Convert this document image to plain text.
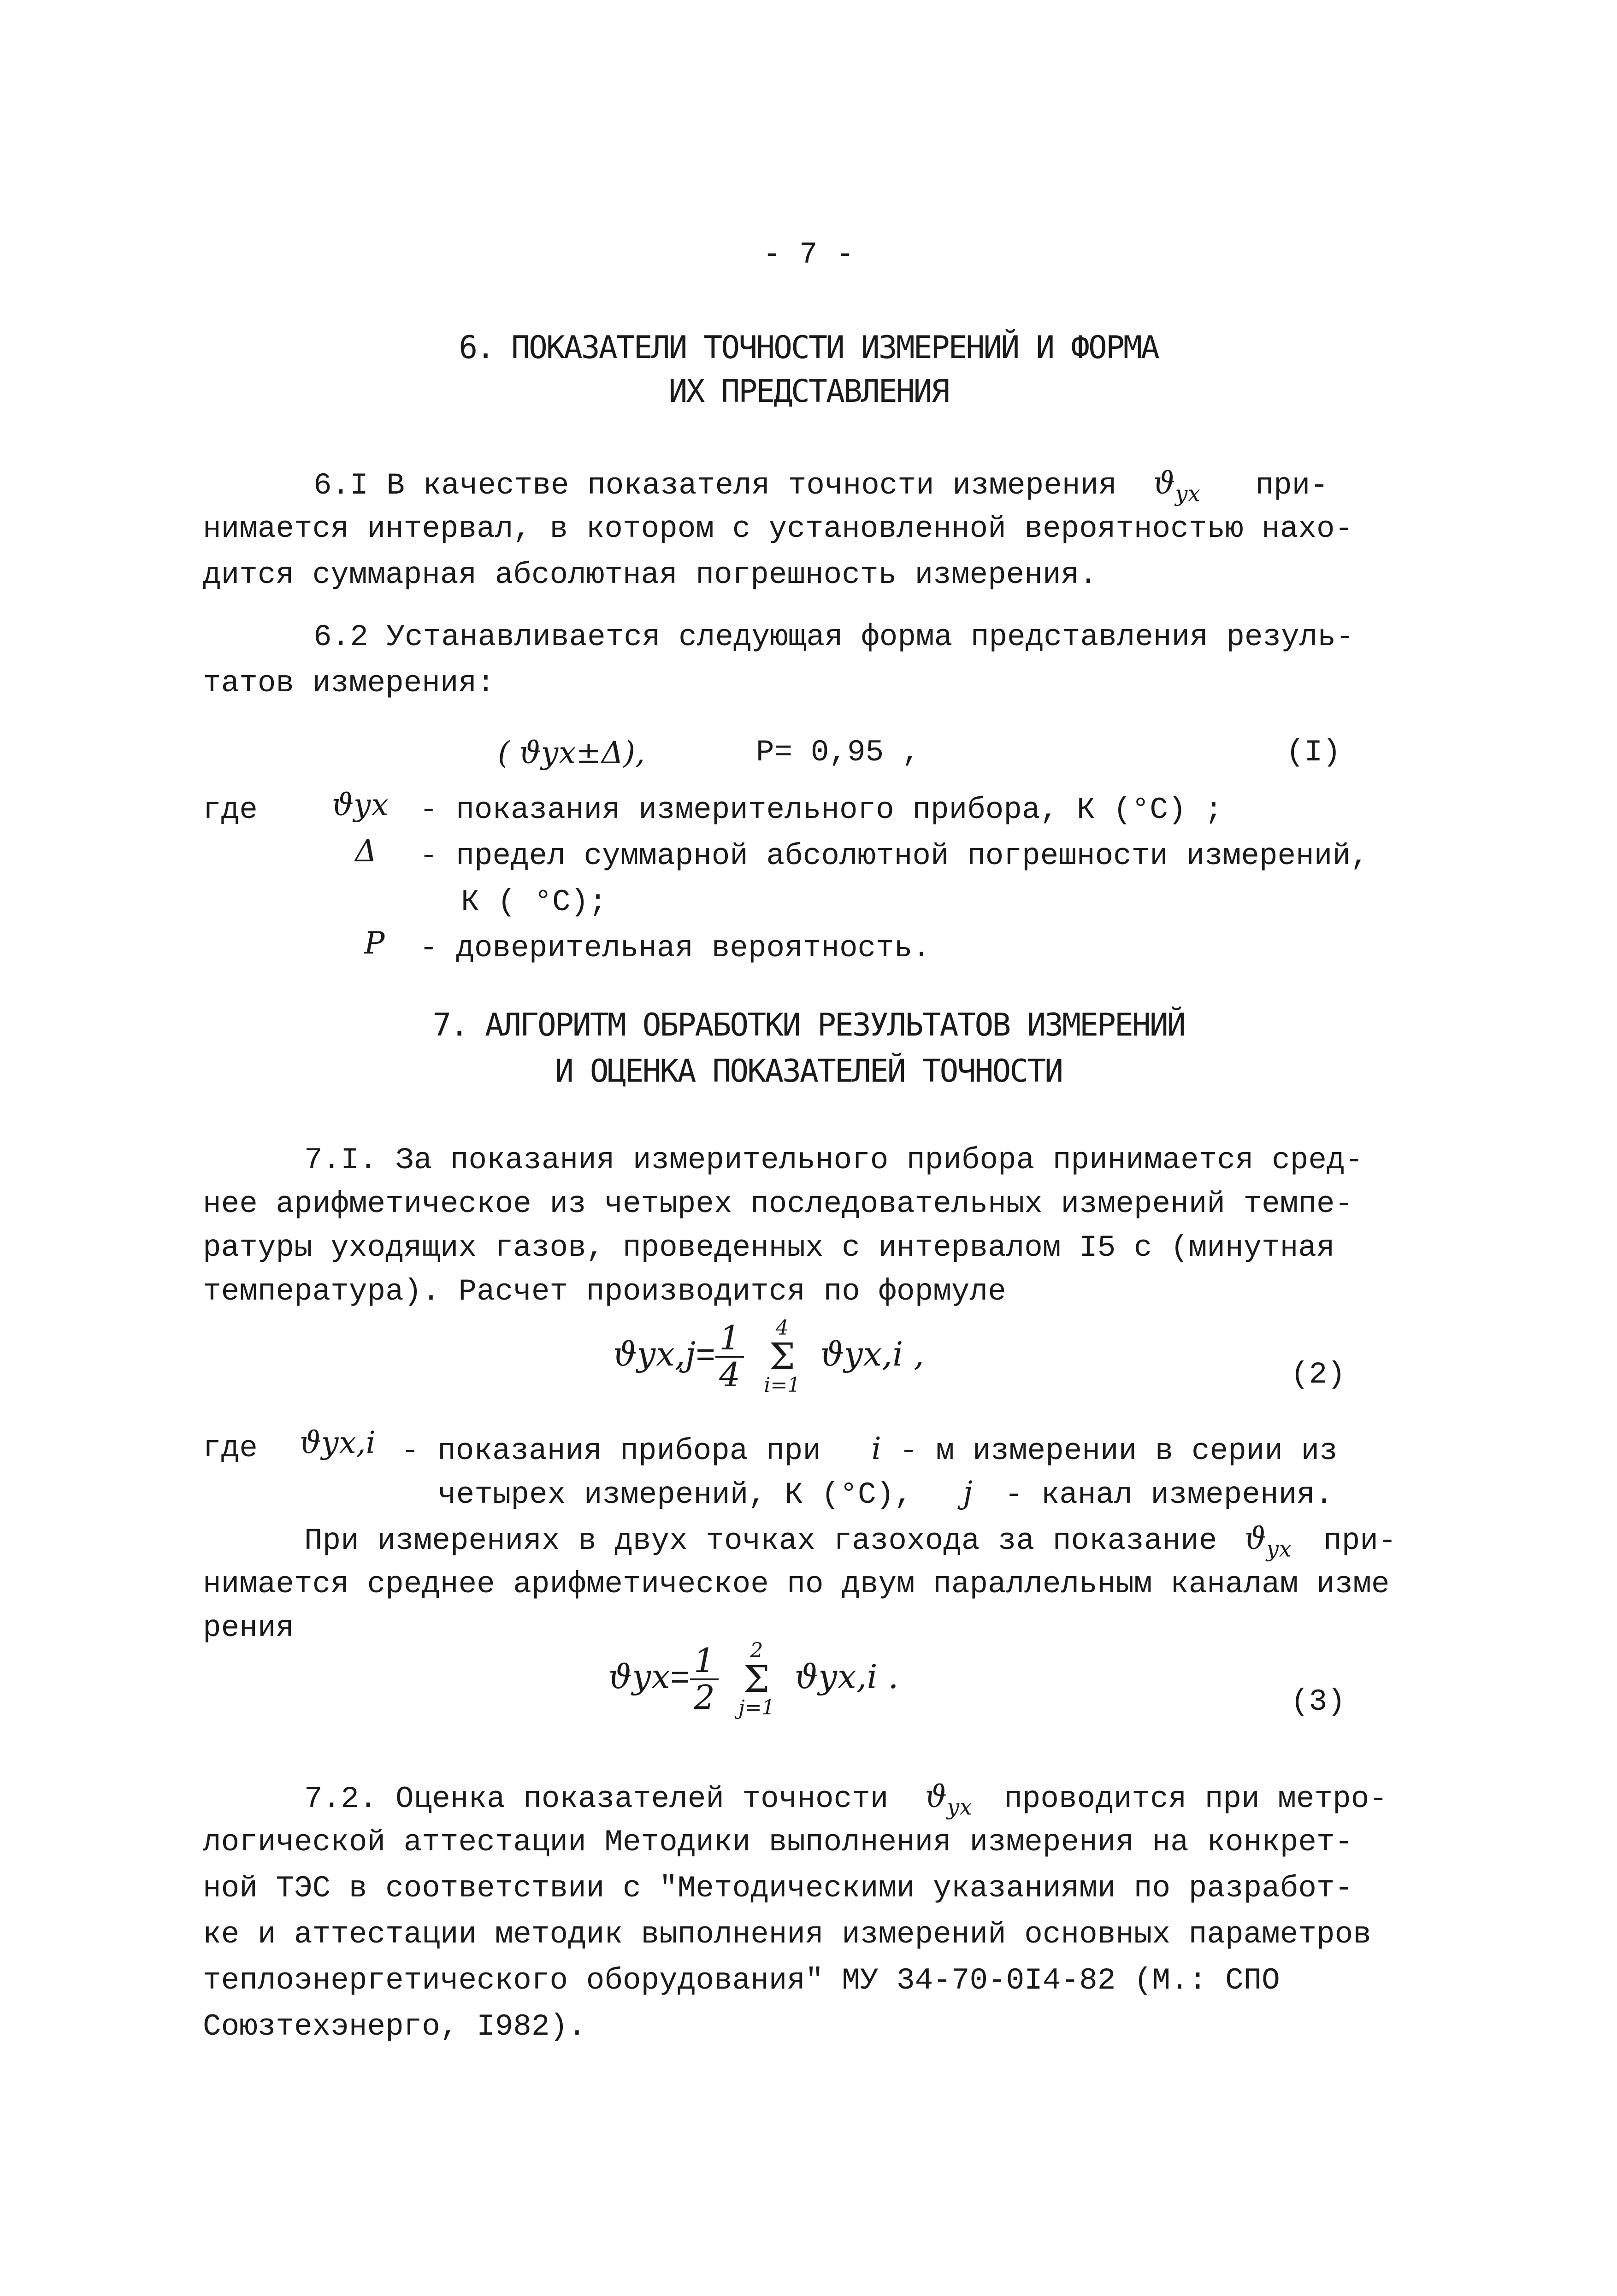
- 7 -
6. ПОКАЗАТЕЛИ ТОЧНОСТИ ИЗМЕРЕНИЙ И ФОРМА
ИХ ПРЕДСТАВЛЕНИЯ
6.I В качестве показателя точности измерения $ϑ_{ух}$ при-
нимается интервал, в котором с установленной вероятностью нахо-
дится суммарная абсолютная погрешность измерения.
6.2 Устанавливается следующая форма представления резуль-
татов измерения:
( ϑух±Δ),	P= 0,95 ,	(I)
где ϑух - показания измерительного прибора, К (°С) ;
Δ - предел суммарной абсолютной погрешности измерений,
К ( °С);
P - доверительная вероятность.
7. АЛГОРИТМ ОБРАБОТКИ РЕЗУЛЬТАТОВ ИЗМЕРЕНИЙ
И ОЦЕНКА ПОКАЗАТЕЛЕЙ ТОЧНОСТИ
7.I. За показания измерительного прибора принимается сред-
нее арифметическое из четырех последовательных измерений темпе-
ратуры уходящих газов, проведенных с интервалом I5 с (минутная
температура). Расчет производится по формуле
$ϑух,j= \frac{1}{4}$
	4
Σ
i=1
ϑух,i ,
(2)
где ϑух,i - показания прибора при i - м измерении в серии из
четырех измерений, К (°С), j - канал измерения.
При измерениях в двух точках газохода за показание $ϑ_{ух}$ при-
нимается среднее арифметическое по двум параллельным каналам изме
рения
$ϑух= \frac{1}{2}$
	2
Σ
j=1
ϑух,i .
(3)
7.2. Оценка показателей точности $ϑ_{ух}$ проводится при метро-
логической аттестации Методики выполнения измерения на конкрет-
ной ТЭС в соответствии с "Методическими указаниями по разработ-
ке и аттестации методик выполнения измерений основных параметров
теплоэнергетического оборудования" МУ 34-70-0I4-82 (М.: СПО
Союзтехэнерго, I982).
